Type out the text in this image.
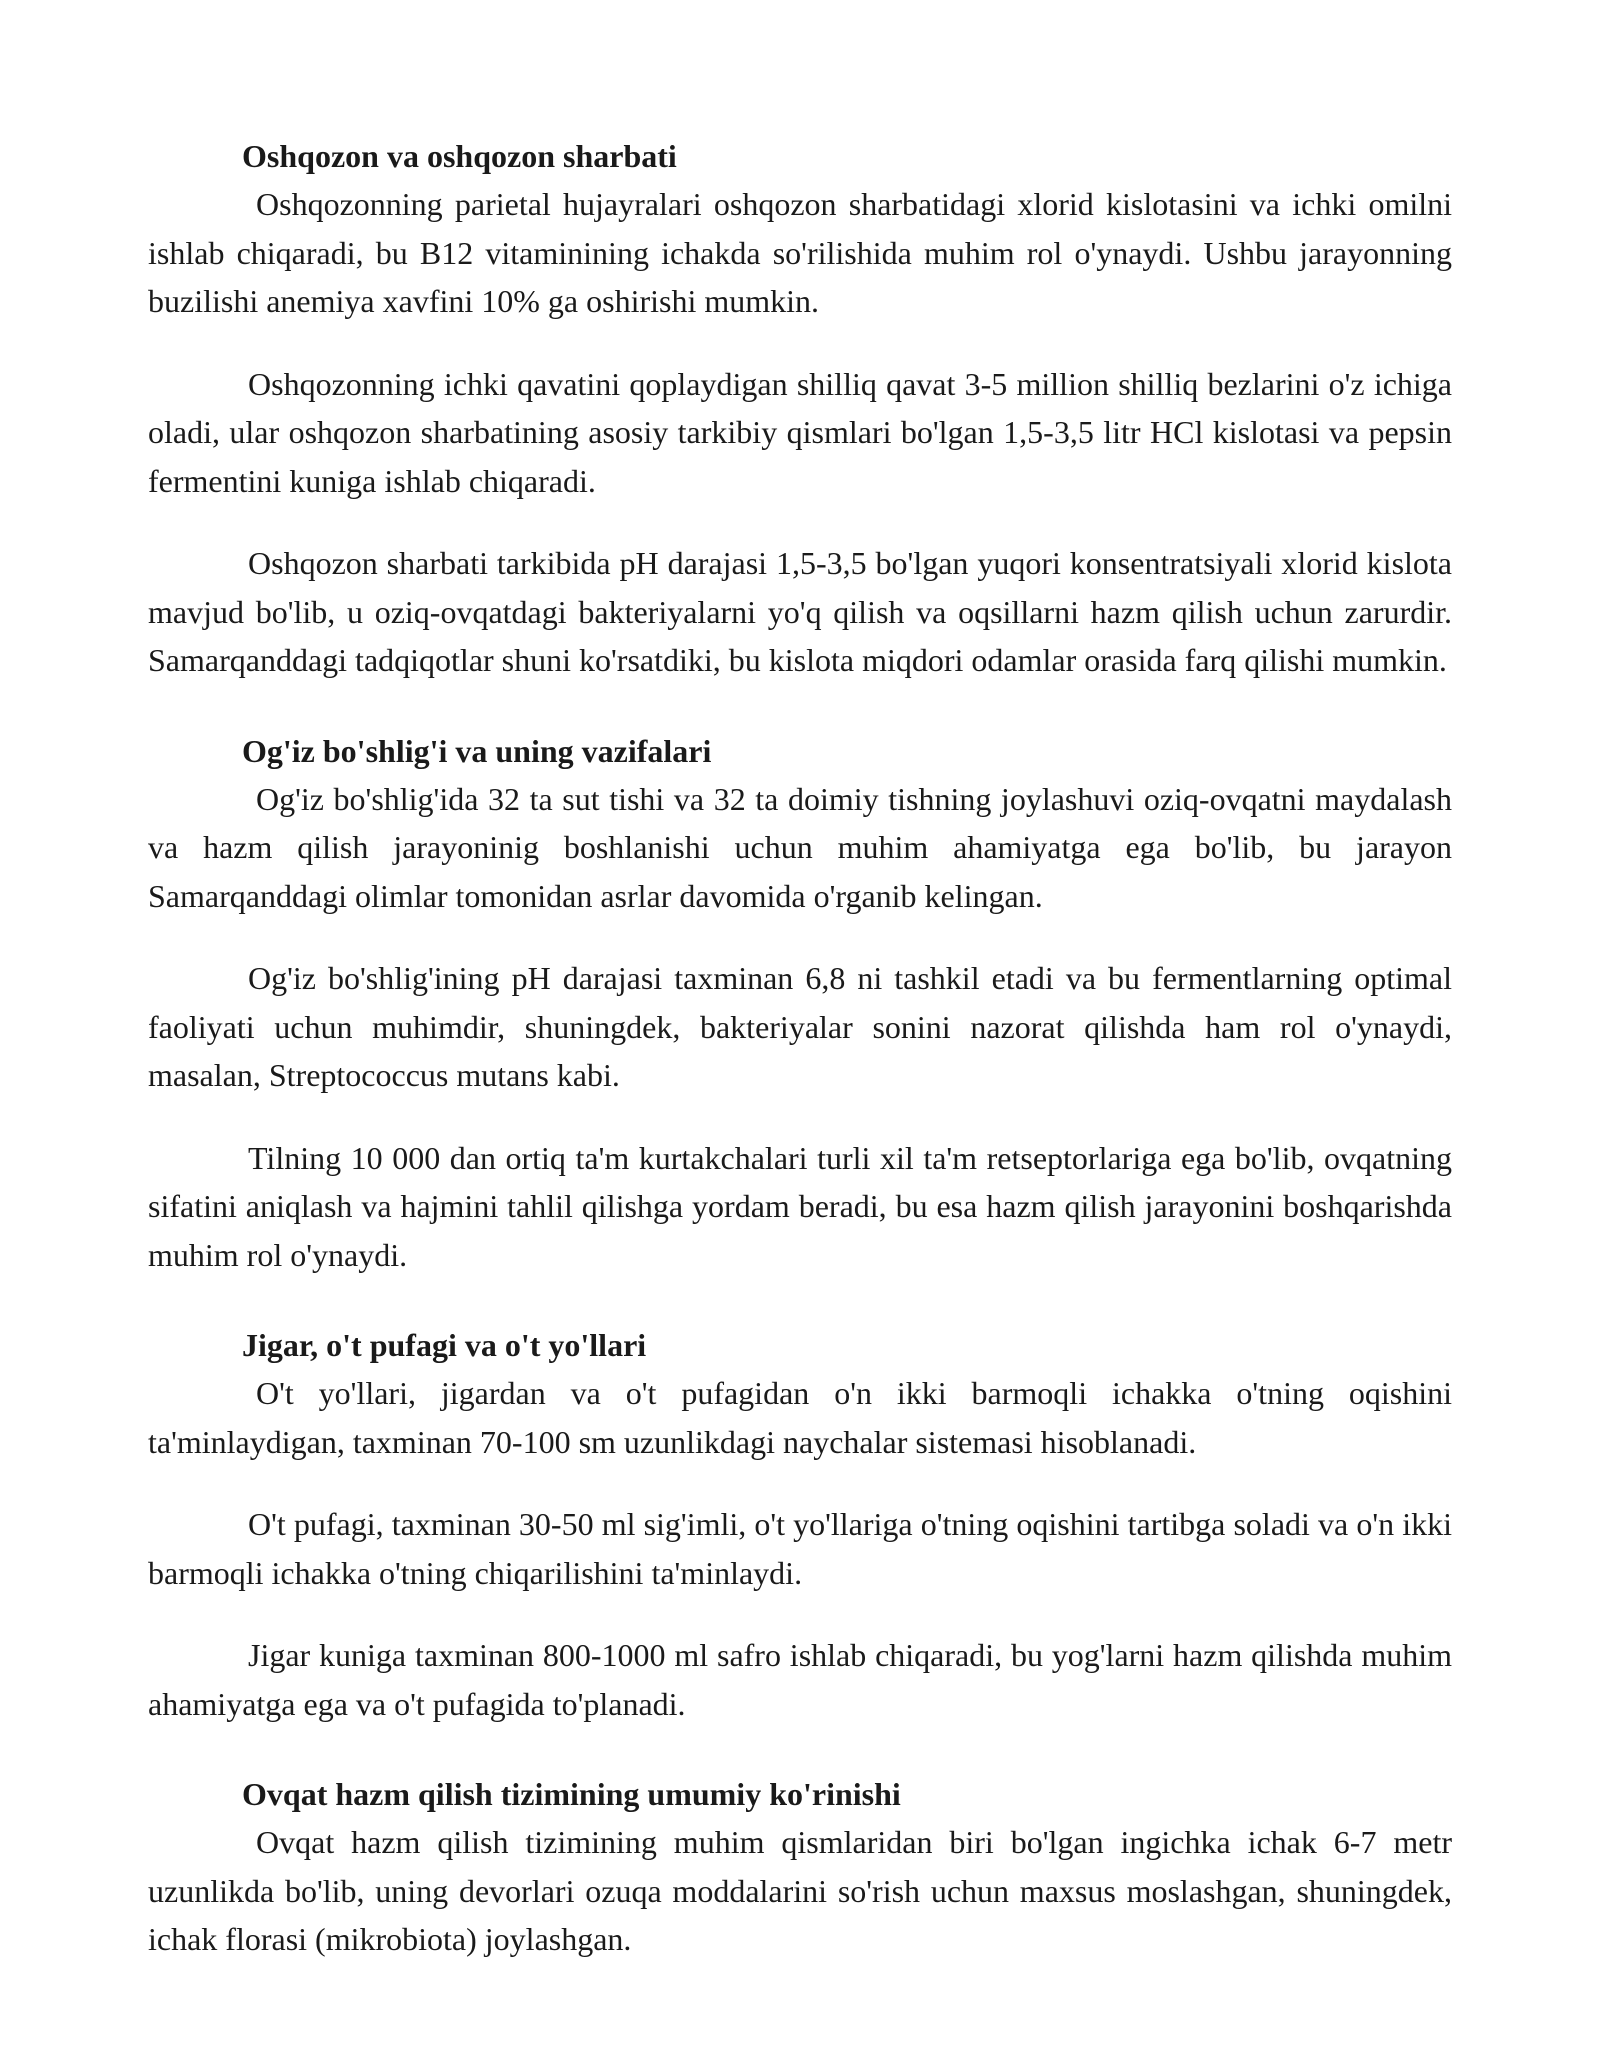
Oshqozon va oshqozon sharbati

Oshqozonning parietal hujayralari oshqozon sharbatidagi xlorid kislotasini va ichki omilni ishlab chiqaradi, bu B12 vitaminining ichakda so'rilishida muhim rol o'ynaydi. Ushbu jarayonning buzilishi anemiya xavfini 10% ga oshirishi mumkin.

Oshqozonning ichki qavatini qoplaydigan shilliq qavat 3-5 million shilliq bezlarini o'z ichiga oladi, ular oshqozon sharbatining asosiy tarkibiy qismlari bo'lgan 1,5-3,5 litr HCl kislotasi va pepsin fermentini kuniga ishlab chiqaradi.

Oshqozon sharbati tarkibida pH darajasi 1,5-3,5 bo'lgan yuqori konsentratsiyali xlorid kislota mavjud bo'lib, u oziq-ovqatdagi bakteriyalarni yo'q qilish va oqsillarni hazm qilish uchun zarurdir. Samarqanddagi tadqiqotlar shuni ko'rsatdiki, bu kislota miqdori odamlar orasida farq qilishi mumkin.

Og'iz bo'shlig'i va uning vazifalari

Og'iz bo'shlig'ida 32 ta sut tishi va 32 ta doimiy tishning joylashuvi oziq-ovqatni maydalash va hazm qilish jarayoninig boshlanishi uchun muhim ahamiyatga ega bo'lib, bu jarayon Samarqanddagi olimlar tomonidan asrlar davomida o'rganib kelingan.

Og'iz bo'shlig'ining pH darajasi taxminan 6,8 ni tashkil etadi va bu fermentlarning optimal faoliyati uchun muhimdir, shuningdek, bakteriyalar sonini nazorat qilishda ham rol o'ynaydi, masalan, Streptococcus mutans kabi.

Tilning 10 000 dan ortiq ta'm kurtakchalari turli xil ta'm retseptorlariga ega bo'lib, ovqatning sifatini aniqlash va hajmini tahlil qilishga yordam beradi, bu esa hazm qilish jarayonini boshqarishda muhim rol o'ynaydi.

Jigar, o't pufagi va o't yo'llari

O't yo'llari, jigardan va o't pufagidan o'n ikki barmoqli ichakka o'tning oqishini ta'minlaydigan, taxminan 70-100 sm uzunlikdagi naychalar sistemasi hisoblanadi.

O't pufagi, taxminan 30-50 ml sig'imli, o't yo'llariga o'tning oqishini tartibga soladi va o'n ikki barmoqli ichakka o'tning chiqarilishini ta'minlaydi.

Jigar kuniga taxminan 800-1000 ml safro ishlab chiqaradi, bu yog'larni hazm qilishda muhim ahamiyatga ega va o't pufagida to'planadi.

Ovqat hazm qilish tizimining umumiy ko'rinishi

Ovqat hazm qilish tizimining muhim qismlaridan biri bo'lgan ingichka ichak 6-7 metr uzunlikda bo'lib, uning devorlari ozuqa moddalarini so'rish uchun maxsus moslashgan, shuningdek, ichak florasi (mikrobiota) joylashgan.
